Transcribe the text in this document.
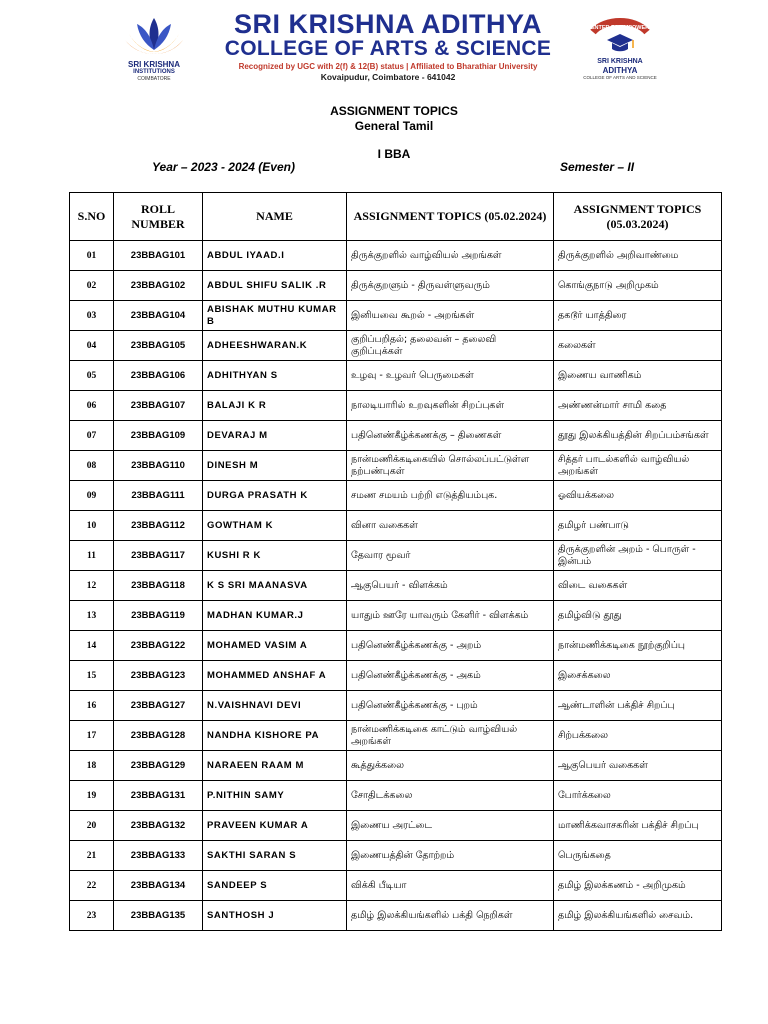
SRI KRISHNA
INSTITUTIONS
COIMBATORE
SRI KRISHNA ADITHYA
COLLEGE OF ARTS & SCIENCE
Recognized by UGC with 2(f) & 12(B) status | Affiliated to Bharathiar University
Kovaipudur, Coimbatore - 641042
ENTER TO EMPOWER
SRI KRISHNA
ADITHYA
COLLEGE OF ARTS AND SCIENCE
ASSIGNMENT TOPICS
General Tamil
I BBA
Year – 2023 - 2024 (Even)	Semester – II
S.NO	ROLL NUMBER	NAME	ASSIGNMENT TOPICS (05.02.2024)	ASSIGNMENT TOPICS (05.03.2024)
01	23BBAG101	ABDUL IYAAD.I	திருக்குறளில் வாழ்வியல் அறங்கள்	திருக்குறளில் அறிவாண்மை
02	23BBAG102	ABDUL SHIFU SALIK .R	திருக்குறளும் - திருவள்ளுவரும்	கொங்குநாடு அறிமுகம்
03	23BBAG104	ABISHAK MUTHU KUMAR B	இனியவை கூறல் - அறங்கள்	தகடூர் யாத்திரை
04	23BBAG105	ADHEESHWARAN.K	குறிப்பறிதல்; தலைவன் – தலைவி குறிப்புக்கள்	கலைகள்
05	23BBAG106	ADHITHYAN S	உழவு - உழவர் பெருமைகள்	இணைய வாணிகம்
06	23BBAG107	BALAJI K R	நாலடியாரில் உறவுகளின் சிறப்புகள்	அண்ணன்மார் சாமி கதை
07	23BBAG109	DEVARAJ M	பதினெண்கீழ்க்கணக்கு – திணைகள்	தூது இலக்கியத்தின் சிறப்பம்சங்கள்
08	23BBAG110	DINESH M	நான்மணிக்கடிகையில் சொல்லப்பட்டுள்ள நற்பண்புகள்	சித்தர் பாடல்களில் வாழ்வியல் அறங்கள்
09	23BBAG111	DURGA PRASATH K	சமண சமயம் பற்றி எடுத்தியம்புக.	ஓவியக்கலை
10	23BBAG112	GOWTHAM K	வினா வகைகள்	தமிழர் பண்பாடு
11	23BBAG117	KUSHI R K	தேவார மூவர்	திருக்குறளின் அறம் - பொருள் - இன்பம்
12	23BBAG118	K S SRI MAANASVA	ஆகுபெயர் - விளக்கம்	விடை வகைகள்
13	23BBAG119	MADHAN KUMAR.J	யாதும் ஊரே யாவரும் கேளிர் - விளக்கம்	தமிழ்விடு தூது
14	23BBAG122	MOHAMED VASIM A	பதினெண்கீழ்க்கணக்கு - அறம்	நான்மணிக்கடிகை நூற்குறிப்பு
15	23BBAG123	MOHAMMED ANSHAF A	பதினெண்கீழ்க்கணக்கு - அகம்	இசைக்கலை
16	23BBAG127	N.VAISHNAVI DEVI	பதினெண்கீழ்க்கணக்கு - புறம்	ஆண்டாளின் பக்திச் சிறப்பு
17	23BBAG128	NANDHA KISHORE PA	நான்மணிக்கடிகை காட்டும் வாழ்வியல் அறங்கள்	சிற்பக்கலை
18	23BBAG129	NARAEEN RAAM M	கூத்துக்கலை	ஆகுபெயர் வகைகள்
19	23BBAG131	P.NITHIN SAMY	சோதிடக்கலை	போர்க்கலை
20	23BBAG132	PRAVEEN KUMAR A	இணைய அரட்டை	மாணிக்கவாசகரின் பக்திச் சிறப்பு
21	23BBAG133	SAKTHI SARAN S	இணையத்தின் தோற்றம்	பெருங்கதை
22	23BBAG134	SANDEEP S	விக்கி பீடியா	தமிழ் இலக்கணம் - அறிமுகம்
23	23BBAG135	SANTHOSH J	தமிழ் இலக்கியங்களில் பக்தி நெறிகள்	தமிழ் இலக்கியங்களில் சைவம்.
